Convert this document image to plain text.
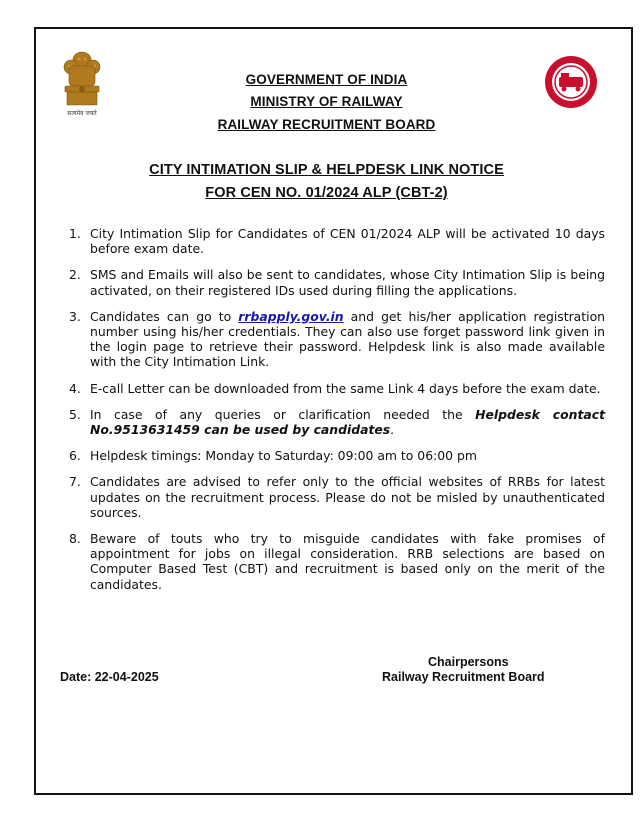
सत्यमेव जयते
GOVERNMENT OF INDIA
MINISTRY OF RAILWAY
RAILWAY RECRUITMENT BOARD
CITY INTIMATION SLIP & HELPDESK LINK NOTICE
FOR CEN NO. 01/2024 ALP (CBT-2)
1. City Intimation Slip for Candidates of CEN 01/2024 ALP will be activated 10 days before exam date.
2. SMS and Emails will also be sent to candidates, whose City Intimation Slip is being activated, on their registered IDs used during filling the applications.
3. Candidates can go to rrbapply.gov.in and get his/her application registration number using his/her credentials. They can also use forget password link given in the login page to retrieve their password. Helpdesk link is also made available with the City Intimation Link.
4. E-call Letter can be downloaded from the same Link 4 days before the exam date.
5. In case of any queries or clarification needed the Helpdesk contact No.9513631459 can be used by candidates.
6. Helpdesk timings: Monday to Saturday: 09:00 am to 06:00 pm
7. Candidates are advised to refer only to the official websites of RRBs for latest updates on the recruitment process. Please do not be misled by unauthenticated sources.
8. Beware of touts who try to misguide candidates with fake promises of appointment for jobs on illegal consideration. RRB selections are based on Computer Based Test (CBT) and recruitment is based only on the merit of the candidates.
Chairpersons
Railway Recruitment Board
Date: 22-04-2025
